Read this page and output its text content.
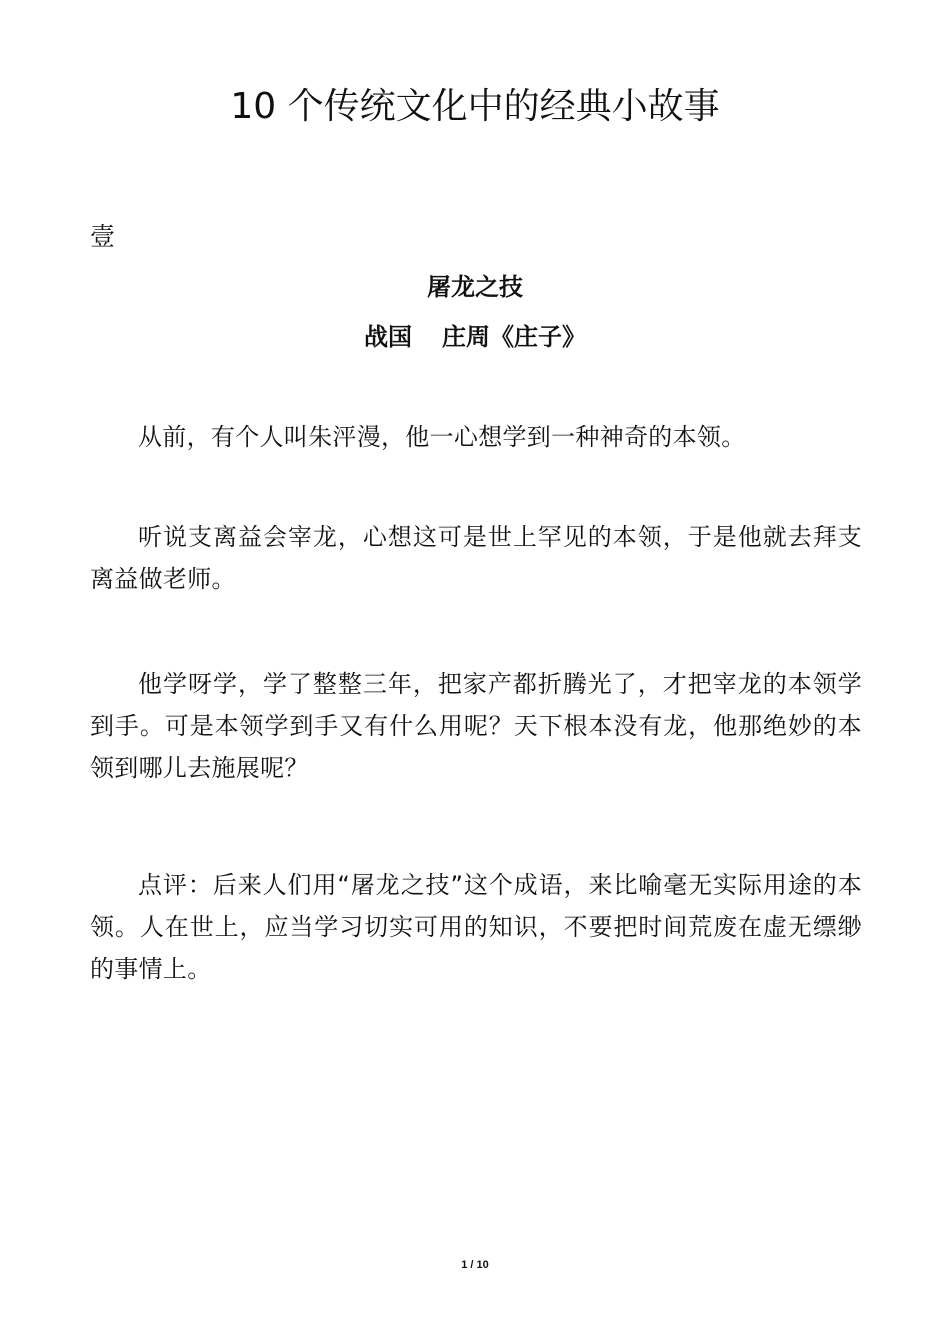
10 个传统文化中的经典小故事
壹
屠龙之技
战国 庄周《庄子》

从前，有个人叫朱泙漫，他一心想学到一种神奇的本领。

听说支离益会宰龙，心想这可是世上罕见的本领，于是他就去拜支离益做老师。

他学呀学，学了整整三年，把家产都折腾光了，才把宰龙的本领学到手。可是本领学到手又有什么用呢？天下根本没有龙，他那绝妙的本领到哪儿去施展呢？

点评：后来人们用“屠龙之技”这个成语，来比喻毫无实际用途的本领。人在世上，应当学习切实可用的知识，不要把时间荒废在虚无缥缈的事情上。

1 / 10
